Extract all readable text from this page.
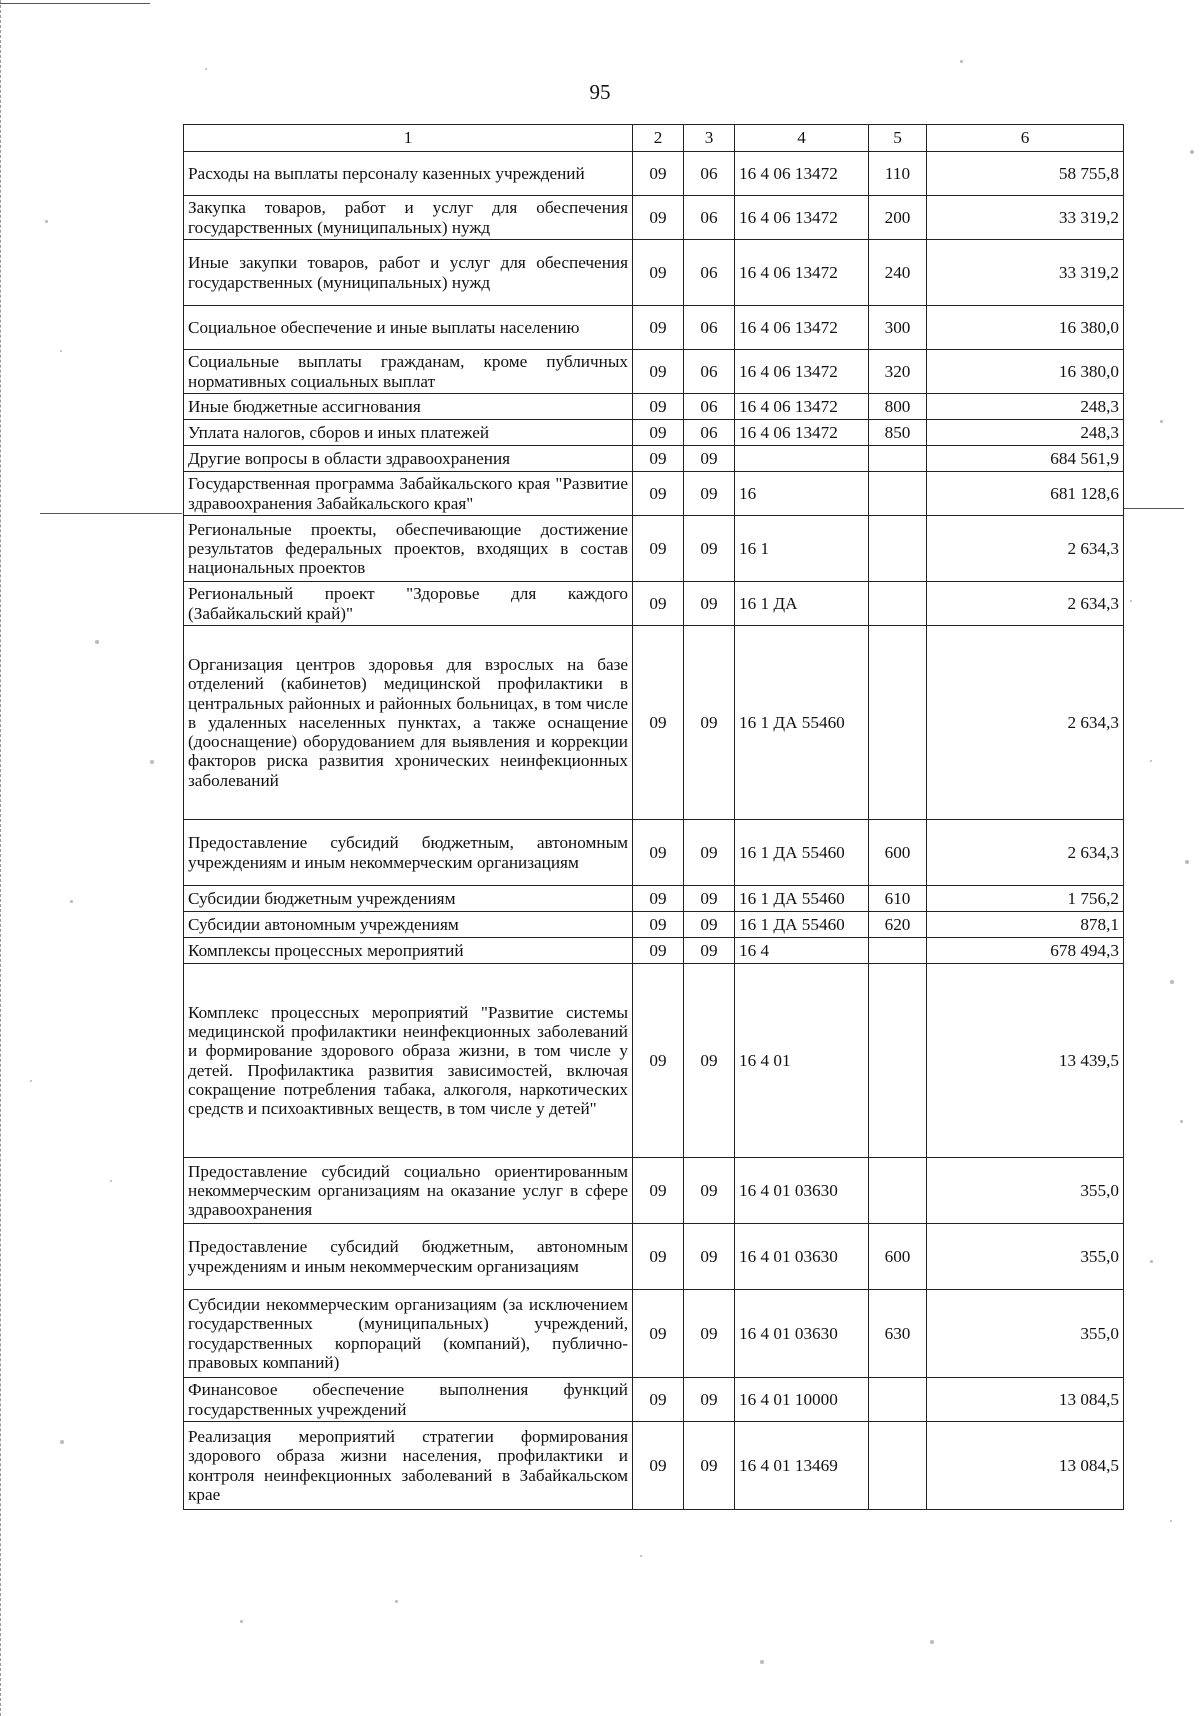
95
1	2	3	4	5	6
Расходы на выплаты персоналу казенных учреждений	09	06	16 4 06 13472	110	58 755,8
Закупка товаров, работ и услуг для обеспечения государственных (муниципальных) нужд	09	06	16 4 06 13472	200	33 319,2
Иные закупки товаров, работ и услуг для обеспечения государственных (муниципальных) нужд	09	06	16 4 06 13472	240	33 319,2
Социальное обеспечение и иные выплаты населению	09	06	16 4 06 13472	300	16 380,0
Социальные выплаты гражданам, кроме публичных нормативных социальных выплат	09	06	16 4 06 13472	320	16 380,0
Иные бюджетные ассигнования	09	06	16 4 06 13472	800	248,3
Уплата налогов, сборов и иных платежей	09	06	16 4 06 13472	850	248,3
Другие вопросы в области здравоохранения	09	09			684 561,9
Государственная программа Забайкальского края "Развитие здравоохранения Забайкальского края"	09	09	16		681 128,6
Региональные проекты, обеспечивающие достижение результатов федеральных проектов, входящих в состав национальных проектов	09	09	16 1		2 634,3
Региональный проект "Здоровье для каждого (Забайкальский край)"	09	09	16 1 ДА		2 634,3
Организация центров здоровья для взрослых на базе отделений (кабинетов) медицинской профилактики в центральных районных и районных больницах, в том числе в удаленных населенных пунктах, а также оснащение (дооснащение) оборудованием для выявления и коррекции факторов риска развития хронических неинфекционных заболеваний	09	09	16 1 ДА 55460		2 634,3
Предоставление субсидий бюджетным, автономным учреждениям и иным некоммерческим организациям	09	09	16 1 ДА 55460	600	2 634,3
Субсидии бюджетным учреждениям	09	09	16 1 ДА 55460	610	1 756,2
Субсидии автономным учреждениям	09	09	16 1 ДА 55460	620	878,1
Комплексы процессных мероприятий	09	09	16 4		678 494,3
Комплекс процессных мероприятий "Развитие системы медицинской профилактики неинфекционных заболеваний и формирование здорового образа жизни, в том числе у детей. Профилактика развития зависимостей, включая сокращение потребления табака, алкоголя, наркотических средств и психоактивных веществ, в том числе у детей"	09	09	16 4 01		13 439,5
Предоставление субсидий социально ориентированным некоммерческим организациям на оказание услуг в сфере здравоохранения	09	09	16 4 01 03630		355,0
Предоставление субсидий бюджетным, автономным учреждениям и иным некоммерческим организациям	09	09	16 4 01 03630	600	355,0
Субсидии некоммерческим организациям (за исключением государственных (муниципальных) учреждений, государственных корпораций (компаний), публично-правовых компаний)	09	09	16 4 01 03630	630	355,0
Финансовое обеспечение выполнения функций государственных учреждений	09	09	16 4 01 10000		13 084,5
Реализация мероприятий стратегии формирования здорового образа жизни населения, профилактики и контроля неинфекционных заболеваний в Забайкальском крае	09	09	16 4 01 13469		13 084,5
